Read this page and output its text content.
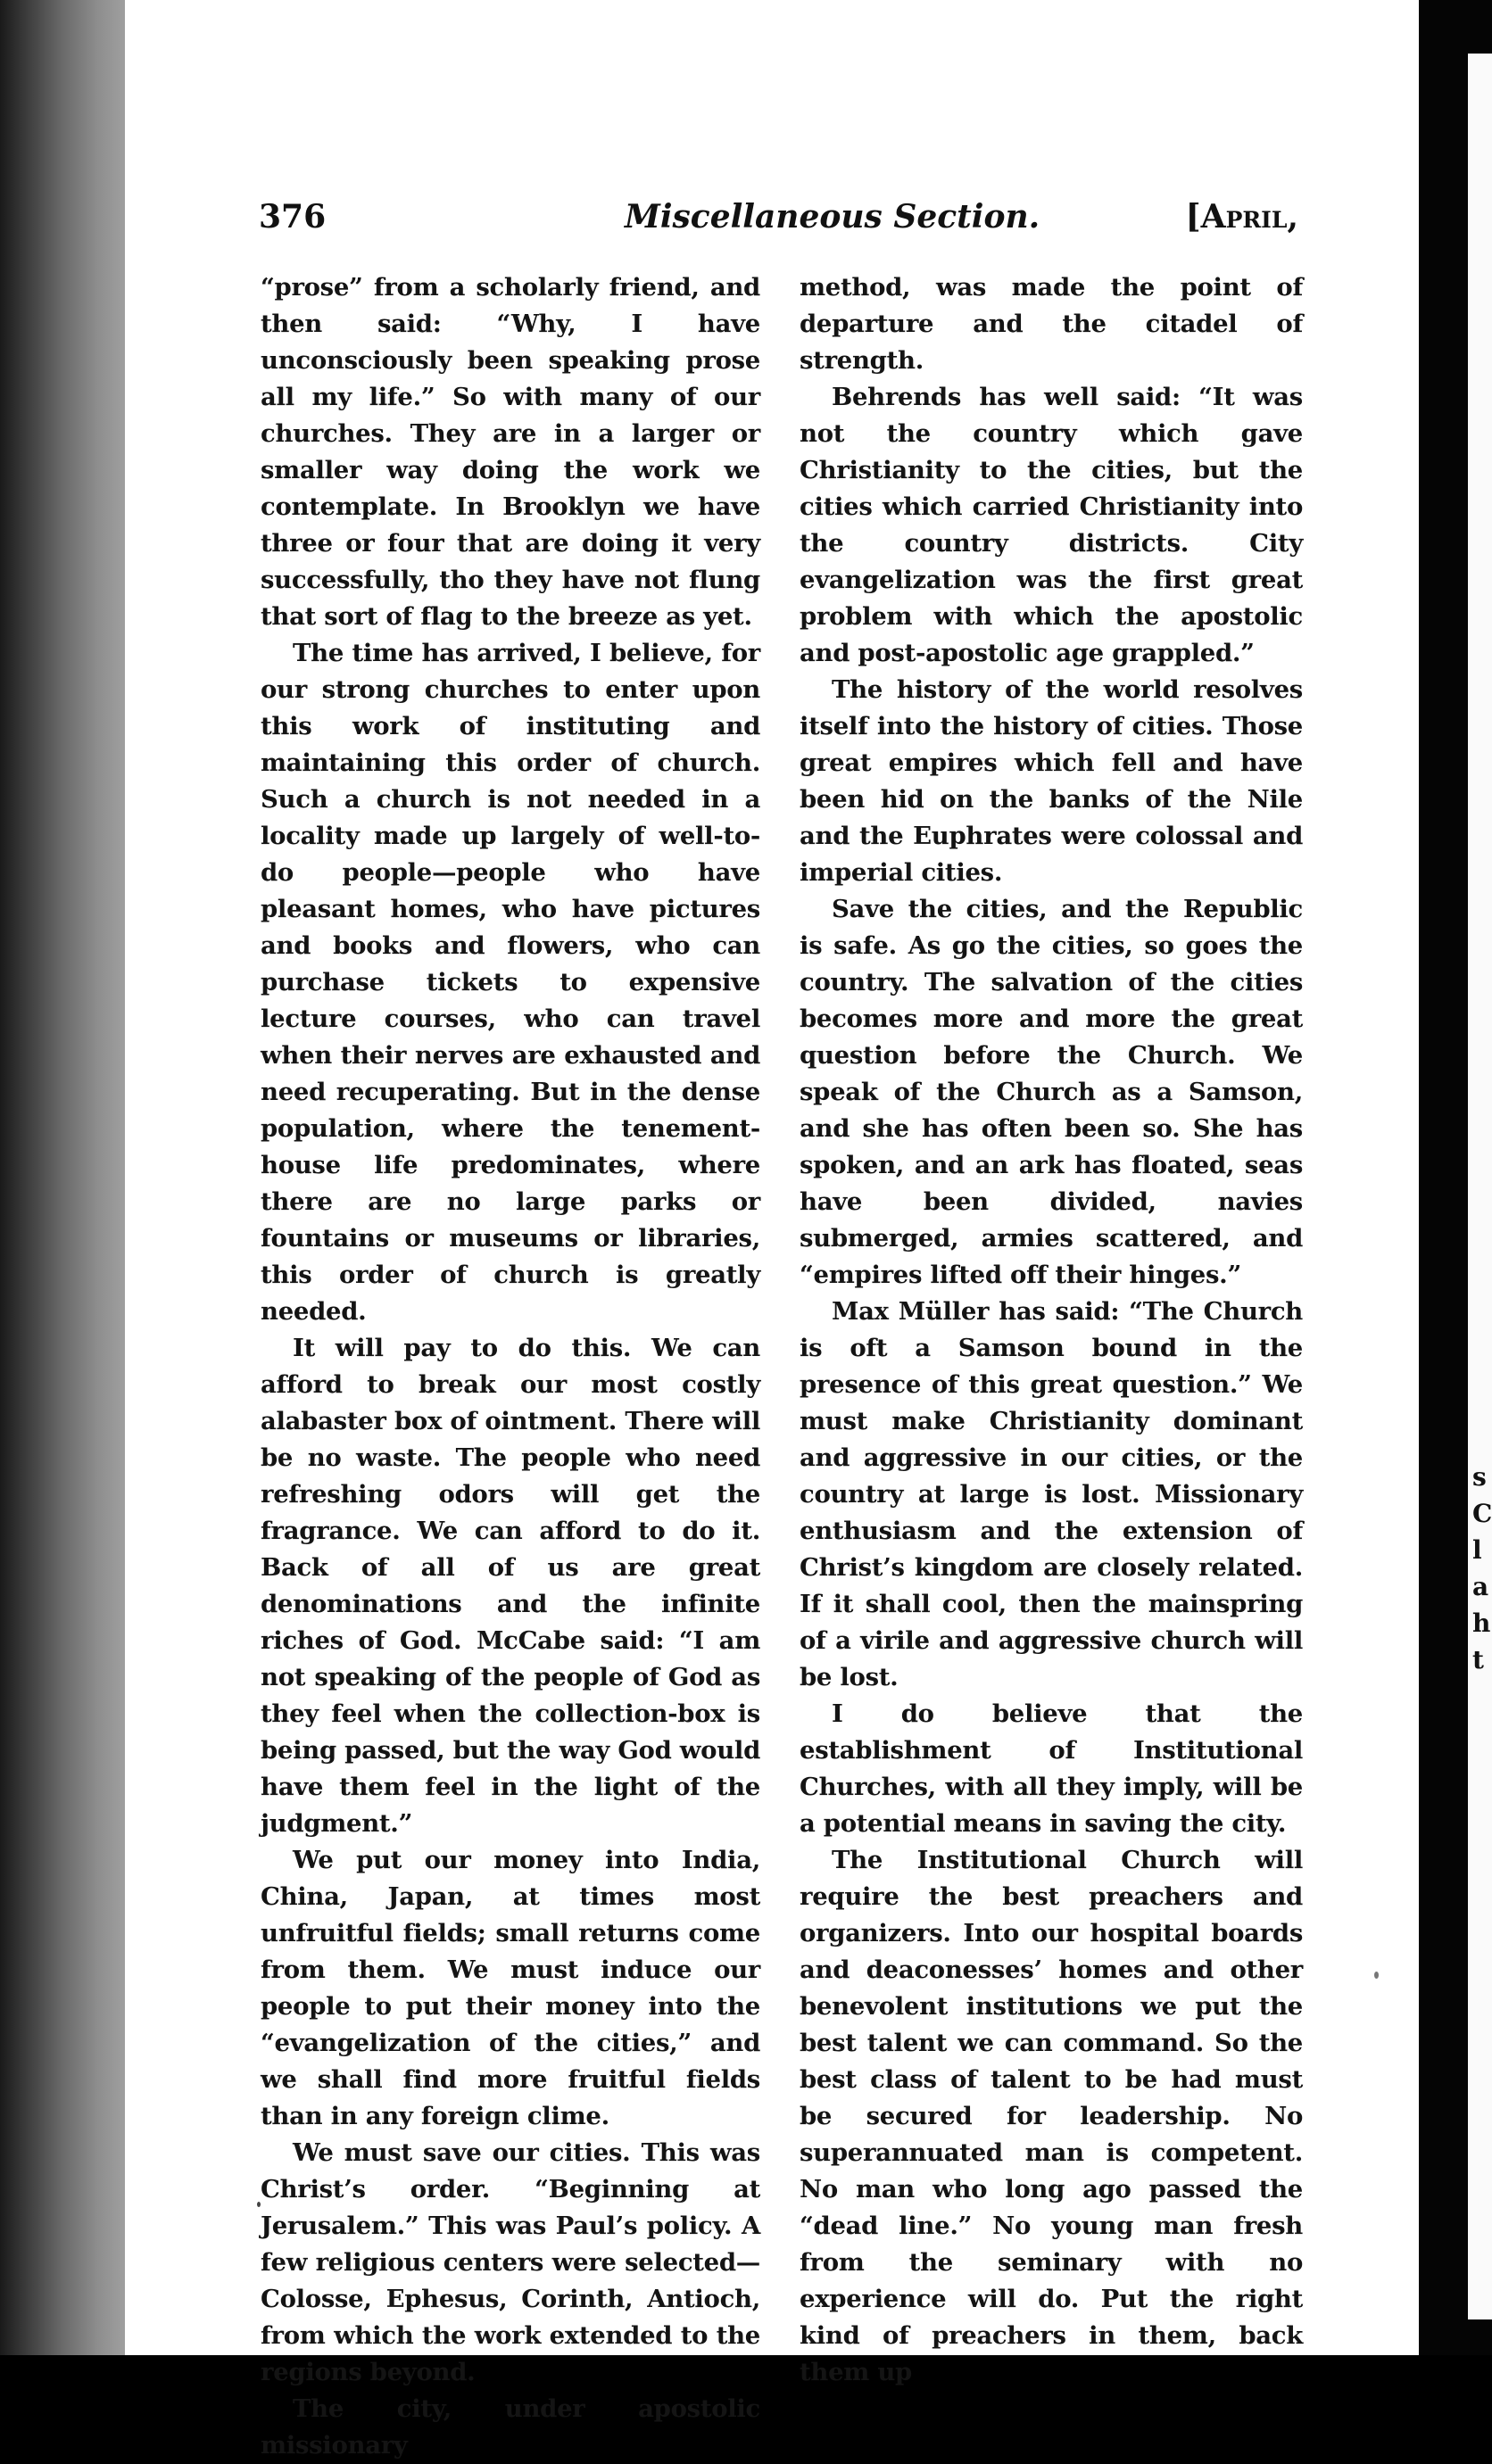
s
C
l
a
h
t
376	Miscellaneous Section.	[April,

“prose” from a scholarly friend, and then said: “Why, I have unconsciously been speaking prose all my life.” So with many of our churches. They are in a larger or smaller way doing the work we contemplate. In Brooklyn we have three or four that are doing it very successfully, tho they have not flung that sort of flag to the breeze as yet.

The time has arrived, I believe, for our strong churches to enter upon this work of instituting and maintaining this order of church. Such a church is not needed in a locality made up largely of well-to-do people—people who have pleasant homes, who have pictures and books and flowers, who can purchase tickets to expensive lecture courses, who can travel when their nerves are exhausted and need recuperating. But in the dense population, where the tenement-house life predominates, where there are no large parks or fountains or museums or libraries, this order of church is greatly needed.

It will pay to do this. We can afford to break our most costly alabaster box of ointment. There will be no waste. The people who need refreshing odors will get the fragrance. We can afford to do it. Back of all of us are great denominations and the infinite riches of God. McCabe said: “I am not speaking of the people of God as they feel when the collection-box is being passed, but the way God would have them feel in the light of the judgment.”

We put our money into India, China, Japan, at times most unfruitful fields; small returns come from them. We must induce our people to put their money into the “evangelization of the cities,” and we shall find more fruitful fields than in any foreign clime.

We must save our cities. This was Christ’s order. “Beginning at Jerusalem.” This was Paul’s policy. A few religious centers were selected—Colosse, Ephesus, Corinth, Antioch, from which the work extended to the regions beyond.

The city, under apostolic missionary

method, was made the point of departure and the citadel of strength.

Behrends has well said: “It was not the country which gave Christianity to the cities, but the cities which carried Christianity into the country districts. City evangelization was the first great problem with which the apostolic and post-apostolic age grappled.”

The history of the world resolves itself into the history of cities. Those great empires which fell and have been hid on the banks of the Nile and the Euphrates were colossal and imperial cities.

Save the cities, and the Republic is safe. As go the cities, so goes the country. The salvation of the cities becomes more and more the great question before the Church. We speak of the Church as a Samson, and she has often been so. She has spoken, and an ark has floated, seas have been divided, navies submerged, armies scattered, and “empires lifted off their hinges.”

Max Müller has said: “The Church is oft a Samson bound in the presence of this great question.” We must make Christianity dominant and aggressive in our cities, or the country at large is lost. Missionary enthusiasm and the extension of Christ’s kingdom are closely related. If it shall cool, then the mainspring of a virile and aggressive church will be lost.

I do believe that the establishment of Institutional Churches, with all they imply, will be a potential means in saving the city.

The Institutional Church will require the best preachers and organizers. Into our hospital boards and deaconesses’ homes and other benevolent institutions we put the best talent we can command. So the best class of talent to be had must be secured for leadership. No superannuated man is competent. No man who long ago passed the “dead line.” No young man fresh from the seminary with no experience will do. Put the right kind of preachers in them, back them up
